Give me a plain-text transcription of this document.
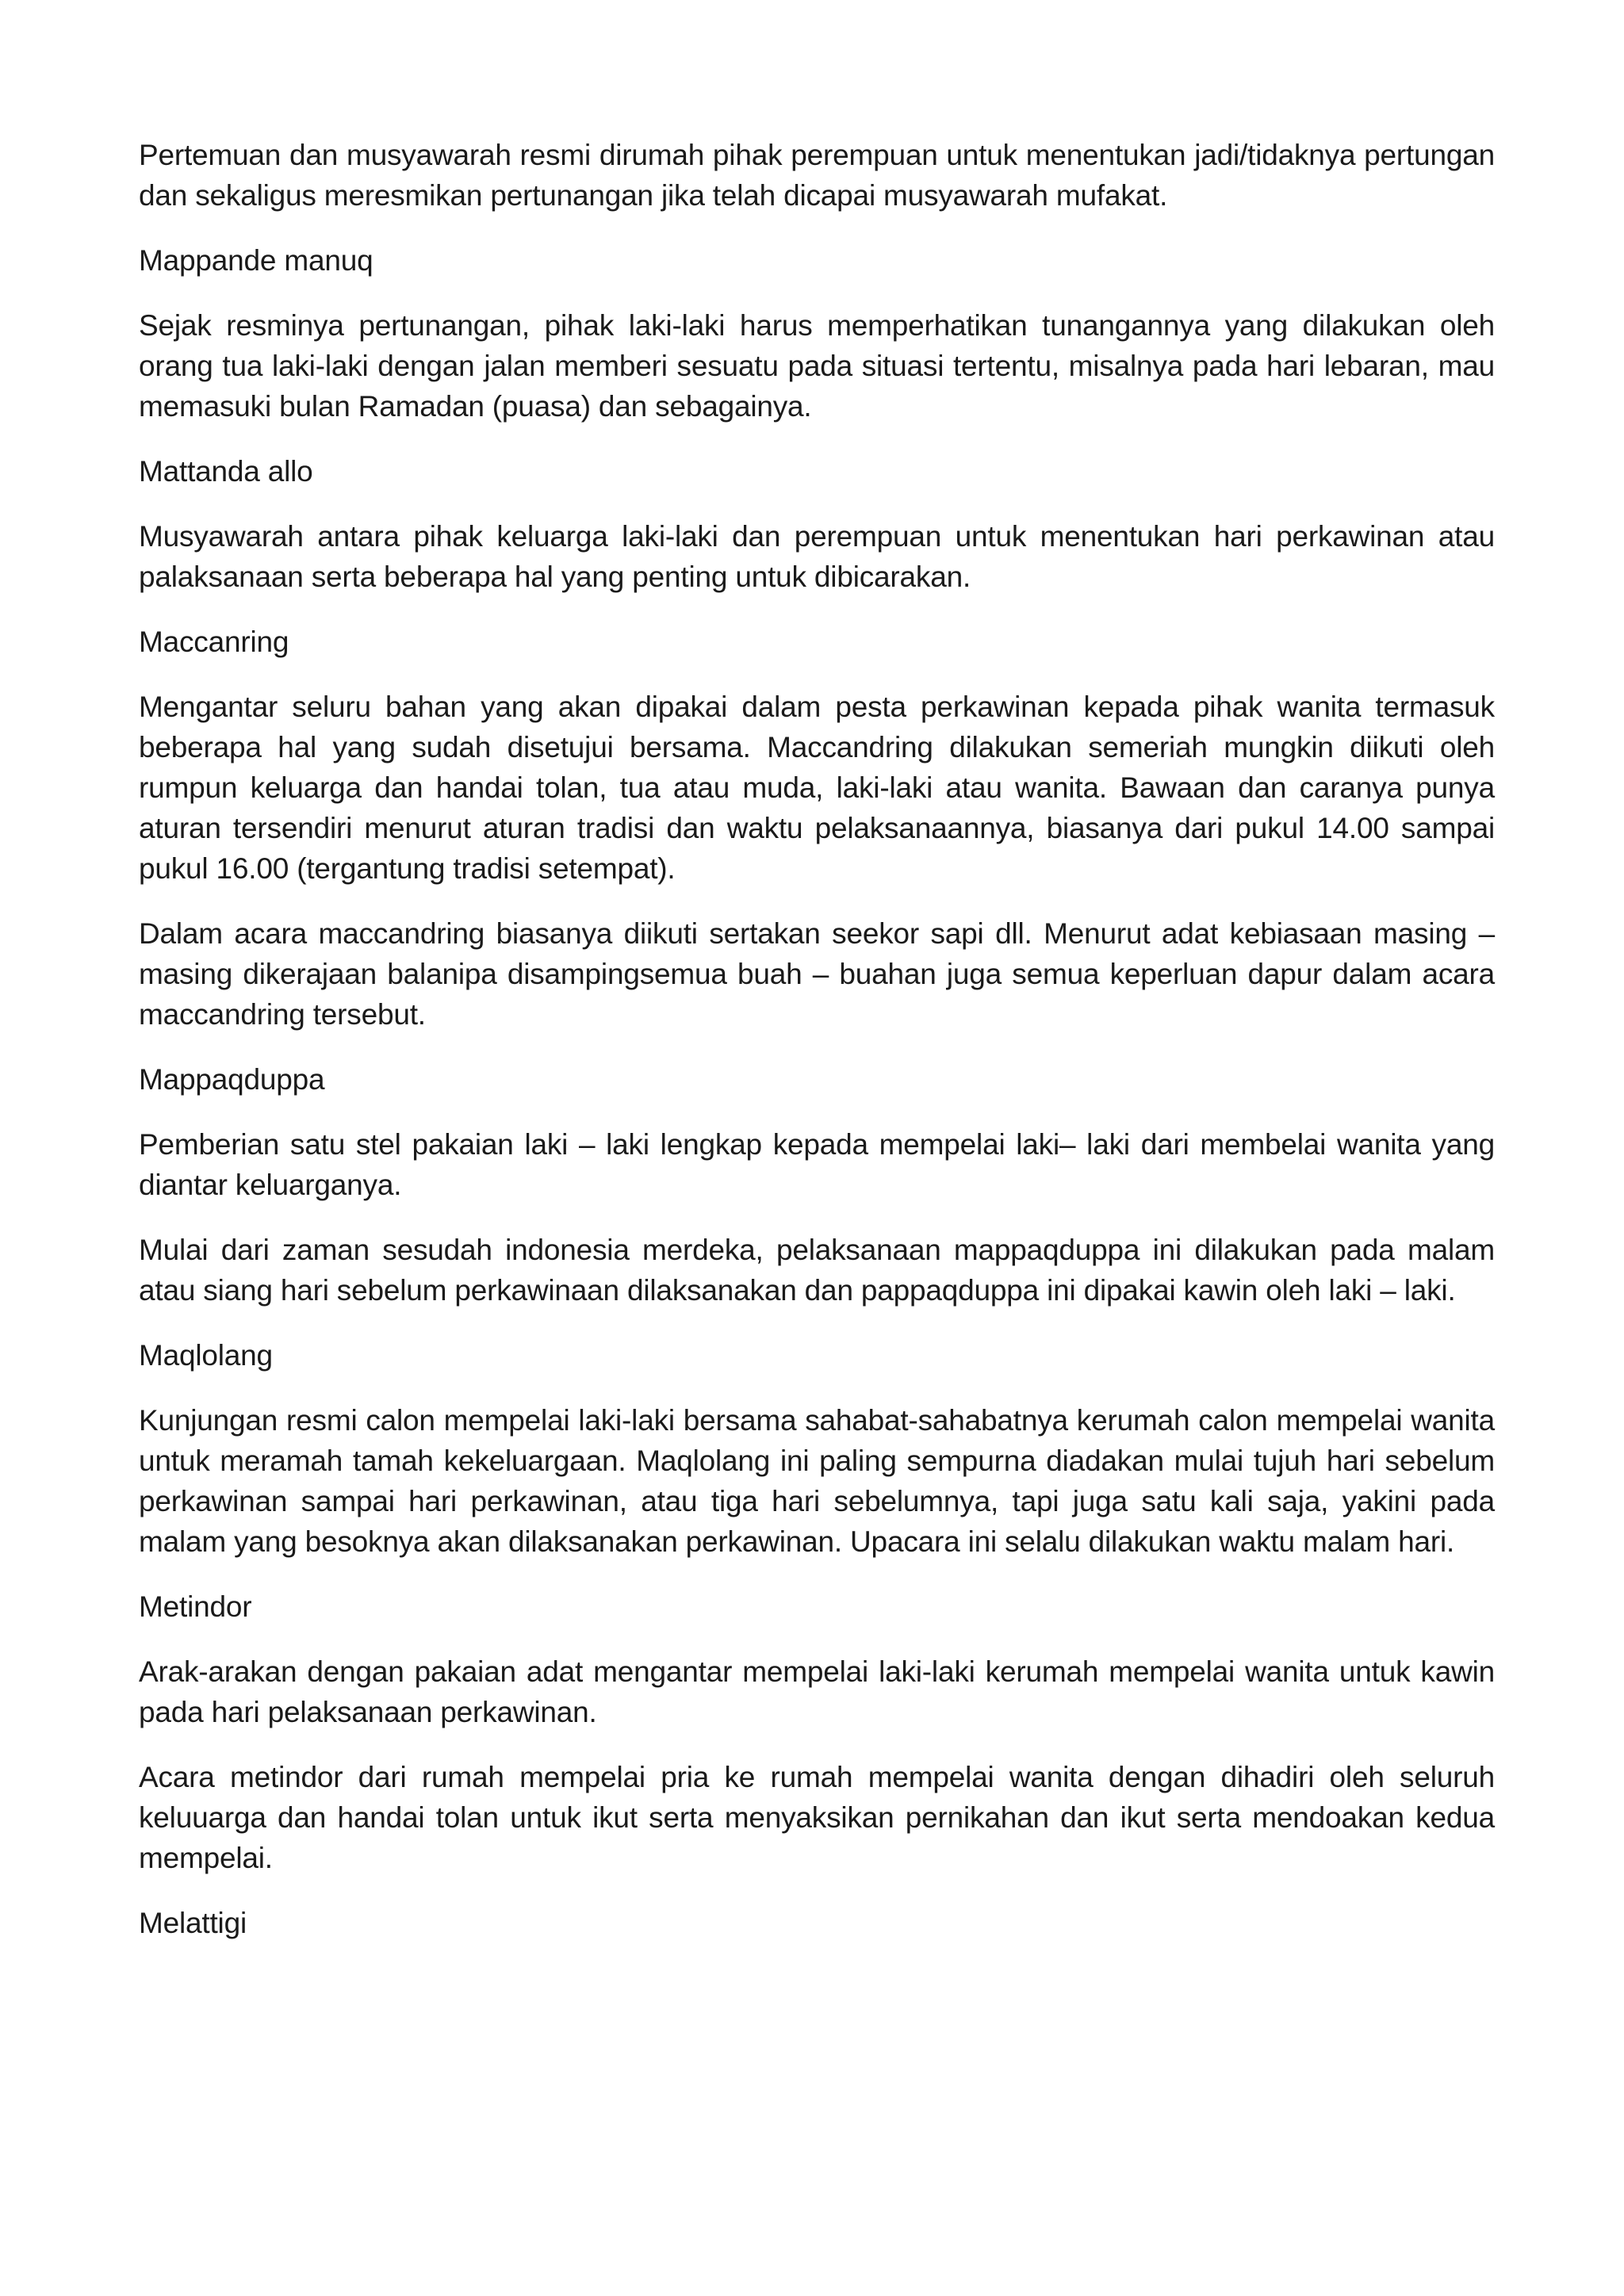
Pertemuan dan musyawarah resmi dirumah pihak perempuan untuk menentukan jadi/tidaknya pertungan dan sekaligus meresmikan pertunangan jika telah dicapai musyawarah mufakat.

Mappande manuq

Sejak resminya pertunangan, pihak laki-laki harus memperhatikan tunangannya yang dilakukan oleh orang tua laki-laki dengan jalan memberi sesuatu pada situasi tertentu, misalnya pada hari lebaran, mau memasuki bulan Ramadan (puasa) dan sebagainya.

Mattanda allo

Musyawarah antara pihak keluarga laki-laki dan perempuan untuk menentukan hari perkawinan atau palaksanaan serta beberapa hal yang penting untuk dibicarakan.

Maccanring

Mengantar seluru bahan yang akan dipakai dalam pesta perkawinan kepada pihak wanita termasuk beberapa hal yang sudah disetujui bersama. Maccandring dilakukan semeriah mungkin diikuti oleh rumpun keluarga dan handai tolan, tua atau muda, laki-laki atau wanita. Bawaan dan caranya punya aturan tersendiri menurut aturan tradisi dan waktu pelaksanaannya, biasanya dari pukul 14.00 sampai pukul 16.00 (tergantung tradisi setempat).

Dalam acara maccandring biasanya diikuti sertakan seekor sapi dll. Menurut adat kebiasaan masing – masing dikerajaan balanipa disampingsemua buah – buahan juga semua keperluan dapur dalam acara maccandring tersebut.

Mappaqduppa

Pemberian satu stel pakaian laki – laki lengkap kepada mempelai laki– laki dari membelai wanita yang diantar keluarganya.

Mulai dari zaman sesudah indonesia merdeka, pelaksanaan mappaqduppa ini dilakukan pada malam atau siang hari sebelum perkawinaan dilaksanakan dan pappaqduppa ini dipakai kawin oleh laki – laki.

Maqlolang

Kunjungan resmi calon mempelai laki-laki bersama sahabat-sahabatnya kerumah calon mempelai wanita untuk meramah tamah kekeluargaan. Maqlolang ini paling sempurna diadakan mulai tujuh hari sebelum perkawinan sampai hari perkawinan, atau tiga hari sebelumnya, tapi juga satu kali saja, yakini pada malam yang besoknya akan dilaksanakan perkawinan. Upacara ini selalu dilakukan waktu malam hari.

Metindor

Arak-arakan dengan pakaian adat mengantar mempelai laki-laki kerumah mempelai wanita untuk kawin pada hari pelaksanaan perkawinan.

Acara metindor dari rumah mempelai pria ke rumah mempelai wanita dengan dihadiri oleh seluruh keluuarga dan handai tolan untuk ikut serta menyaksikan pernikahan dan ikut serta mendoakan kedua mempelai.

Melattigi
